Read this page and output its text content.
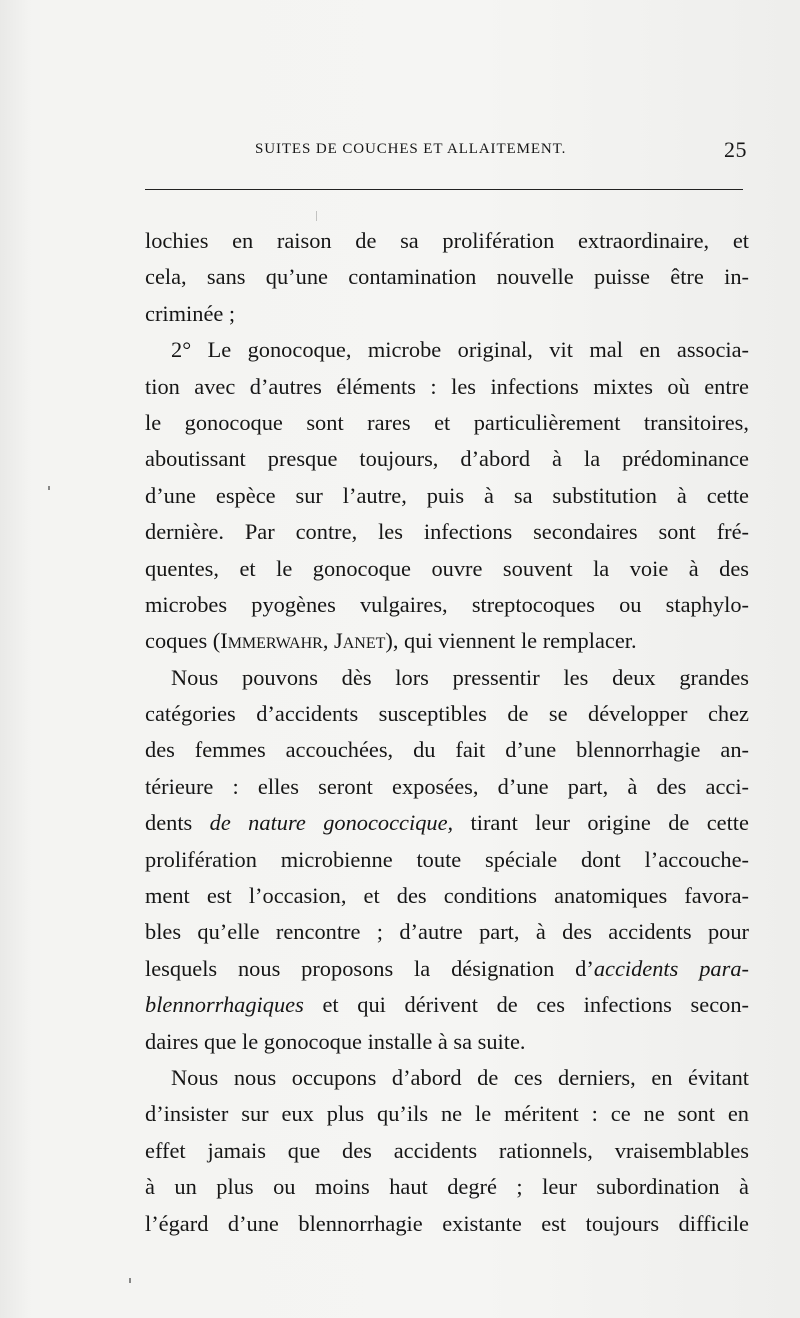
SUITES DE COUCHES ET ALLAITEMENT.	25
lochies en raison de sa prolifération extraordinaire, et
cela, sans qu’une contamination nouvelle puisse être in-
criminée ;
2° Le gonocoque, microbe original, vit mal en associa-
tion avec d’autres éléments : les infections mixtes où entre
le gonocoque sont rares et particulièrement transitoires,
aboutissant presque toujours, d’abord à la prédominance
d’une espèce sur l’autre, puis à sa substitution à cette
dernière. Par contre, les infections secondaires sont fré-
quentes, et le gonocoque ouvre souvent la voie à des
microbes pyogènes vulgaires, streptocoques ou staphylo-
coques (Immerwahr, Janet), qui viennent le remplacer.
Nous pouvons dès lors pressentir les deux grandes
catégories d’accidents susceptibles de se développer chez
des femmes accouchées, du fait d’une blennorrhagie an-
térieure : elles seront exposées, d’une part, à des acci-
dents de nature gonococcique, tirant leur origine de cette
prolifération microbienne toute spéciale dont l’accouche-
ment est l’occasion, et des conditions anatomiques favora-
bles qu’elle rencontre ; d’autre part, à des accidents pour
lesquels nous proposons la désignation d’accidents para-
blennorrhagiques et qui dérivent de ces infections secon-
daires que le gonocoque installe à sa suite.
Nous nous occupons d’abord de ces derniers, en évitant
d’insister sur eux plus qu’ils ne le méritent : ce ne sont en
effet jamais que des accidents rationnels, vraisemblables
à un plus ou moins haut degré ; leur subordination à
l’égard d’une blennorrhagie existante est toujours difficile
